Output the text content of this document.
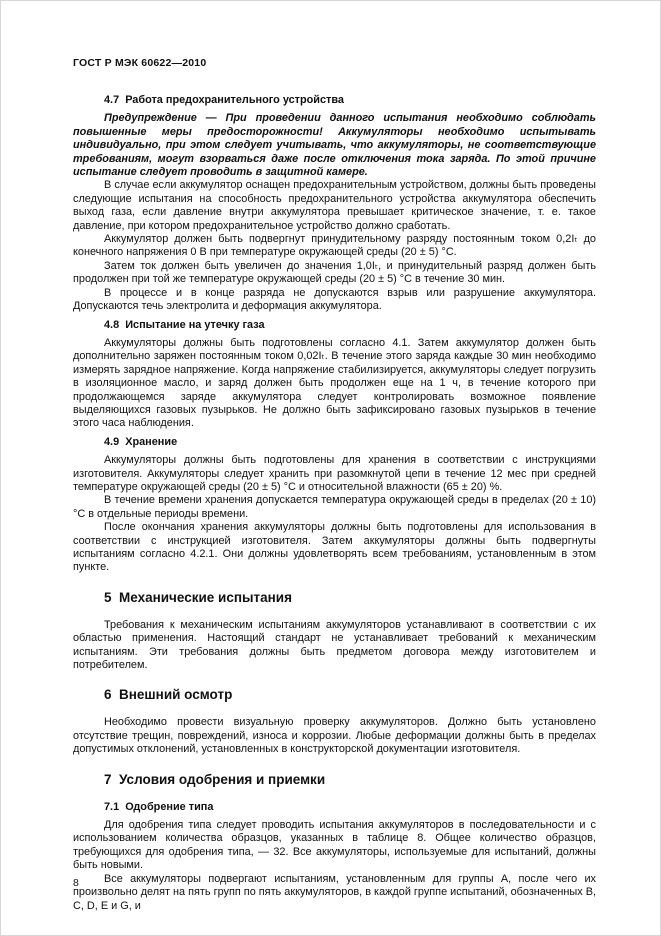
ГОСТ Р МЭК 60622—2010
4.7  Работа предохранительного устройства

Предупреждение — При проведении данного испытания необходимо соблюдать повышенные меры предосторожности! Аккумуляторы необходимо испытывать индивидуально, при этом следует учитывать, что аккумуляторы, не соответствующие требованиям, могут взорваться даже после отключения тока заряда. По этой причине испытание следует проводить в защитной камере.

В случае если аккумулятор оснащен предохранительным устройством, должны быть проведены следующие испытания на способность предохранительного устройства аккумулятора обеспечить выход газа, если давление внутри аккумулятора превышает критическое значение, т. е. такое давление, при котором предохранительное устройство должно сработать.

Аккумулятор должен быть подвергнут принудительному разряду постоянным током 0,2Iₜ до конечного напряжения 0 В при температуре окружающей среды (20 ± 5) °С.

Затем ток должен быть увеличен до значения 1,0Iₜ, и принудительный разряд должен быть продолжен при той же температуре окружающей среды (20 ± 5) °С в течение 30 мин.

В процессе и в конце разряда не допускаются взрыв или разрушение аккумулятора. Допускаются течь электролита и деформация аккумулятора.

4.8  Испытание на утечку газа

Аккумуляторы должны быть подготовлены согласно 4.1. Затем аккумулятор должен быть дополнительно заряжен постоянным током 0,02Iₜ. В течение этого заряда каждые 30 мин необходимо измерять зарядное напряжение. Когда напряжение стабилизируется, аккумуляторы следует погрузить в изоляционное масло, и заряд должен быть продолжен еще на 1 ч, в течение которого при продолжающемся заряде аккумулятора следует контролировать возможное появление выделяющихся газовых пузырьков. Не должно быть зафиксировано газовых пузырьков в течение этого часа наблюдения.

4.9  Хранение

Аккумуляторы должны быть подготовлены для хранения в соответствии с инструкциями изготовителя. Аккумуляторы следует хранить при разомкнутой цепи в течение 12 мес при средней температуре окружающей среды (20 ± 5) °С и относительной влажности (65 ± 20) %.

В течение времени хранения допускается температура окружающей среды в пределах (20 ± 10) °С в отдельные периоды времени.

После окончания хранения аккумуляторы должны быть подготовлены для использования в соответствии с инструкцией изготовителя. Затем аккумуляторы должны быть подвергнуты испытаниям согласно 4.2.1. Они должны удовлетворять всем требованиям, установленным в этом пункте.

5  Механические испытания

Требования к механическим испытаниям аккумуляторов устанавливают в соответствии с их областью применения. Настоящий стандарт не устанавливает требований к механическим испытаниям. Эти требования должны быть предметом договора между изготовителем и потребителем.

6  Внешний осмотр

Необходимо провести визуальную проверку аккумуляторов. Должно быть установлено отсутствие трещин, повреждений, износа и коррозии. Любые деформации должны быть в пределах допустимых отклонений, установленных в конструкторской документации изготовителя.

7  Условия одобрения и приемки
7.1  Одобрение типа

Для одобрения типа следует проводить испытания аккумуляторов в последовательности и с использованием количества образцов, указанных в таблице 8. Общее количество образцов, требующихся для одобрения типа, — 32. Все аккумуляторы, используемые для испытаний, должны быть новыми.

Все аккумуляторы подвергают испытаниям, установленным для группы А, после чего их произвольно делят на пять групп по пять аккумуляторов, в каждой группе испытаний, обозначенных B, C, D, E и G, и

8
